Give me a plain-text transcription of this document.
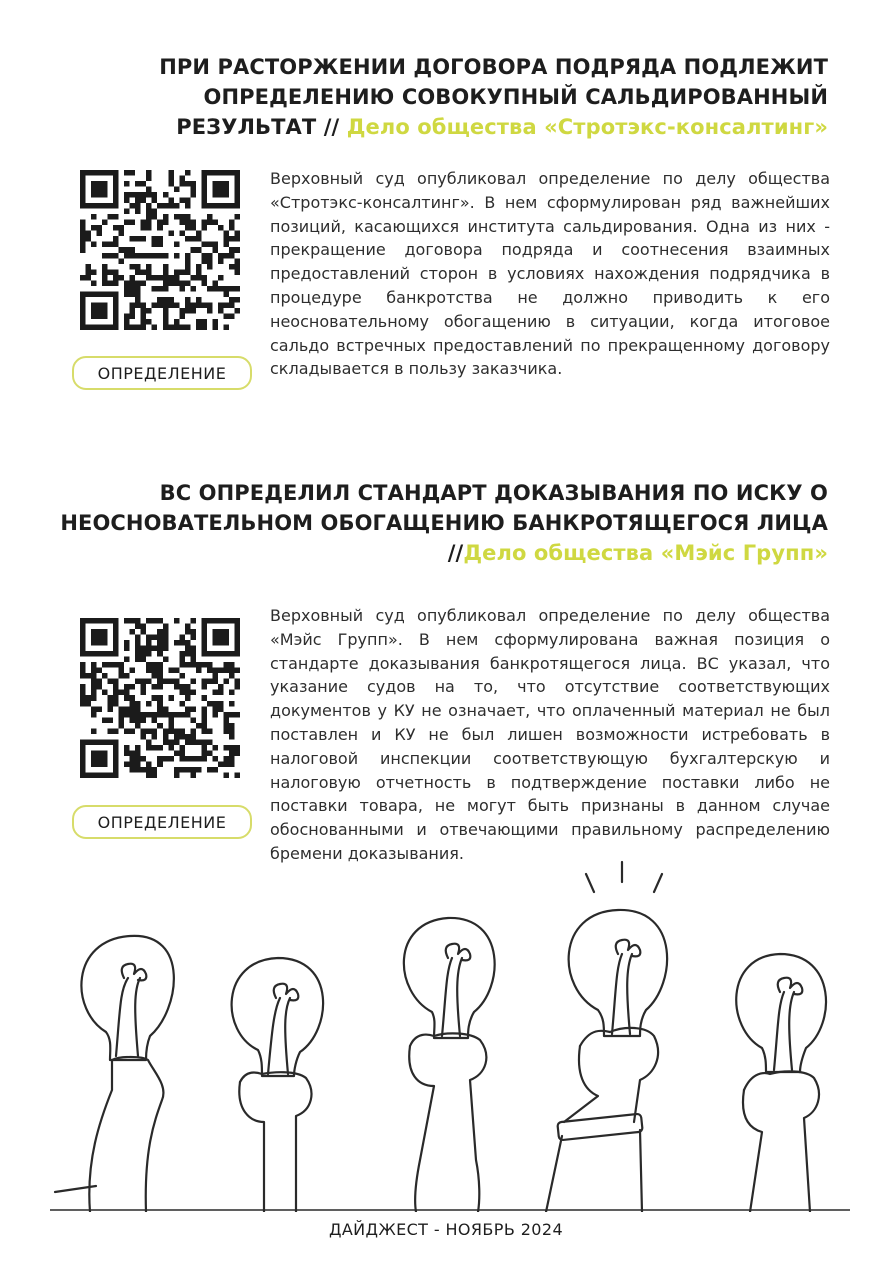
ПРИ РАСТОРЖЕНИИ ДОГОВОРА ПОДРЯДА ПОДЛЕЖИТ
ОПРЕДЕЛЕНИЮ СОВОКУПНЫЙ САЛЬДИРОВАННЫЙ
РЕЗУЛЬТАТ // Дело общества «Стротэкс-консалтинг»
ОПРЕДЕЛЕНИЕ
Верховный суд опубликовал определение по делу общества «Стротэкс-консалтинг». В нем сформулирован ряд важнейших позиций, касающихся института сальдирования. Одна из них - прекращение договора подряда и соотнесения взаимных предоставлений сторон в условиях нахождения подрядчика в процедуре банкротства не должно приводить к его неосновательному обогащению в ситуации, когда итоговое сальдо встречных предоставлений по прекращенному договору складывается в пользу заказчика.
ВС ОПРЕДЕЛИЛ СТАНДАРТ ДОКАЗЫВАНИЯ ПО ИСКУ О
НЕОСНОВАТЕЛЬНОМ ОБОГАЩЕНИЮ БАНКРОТЯЩЕГОСЯ ЛИЦА
//Дело общества «Мэйс Групп»
ОПРЕДЕЛЕНИЕ
Верховный суд опубликовал определение по делу общества «Мэйс Групп». В нем сформулирована важная позиция о стандарте доказывания банкротящегося лица. ВС указал, что указание судов на то, что отсутствие соответствующих документов у КУ не означает, что оплаченный материал не был поставлен и КУ не был лишен возможности истребовать в налоговой инспекции соответствующую бухгалтерскую и налоговую отчетность в подтверждение поставки либо не поставки товара, не могут быть признаны в данном случае обоснованными и отвечающими правильному распределению бремени доказывания.
ДАЙДЖЕСТ - НОЯБРЬ 2024
